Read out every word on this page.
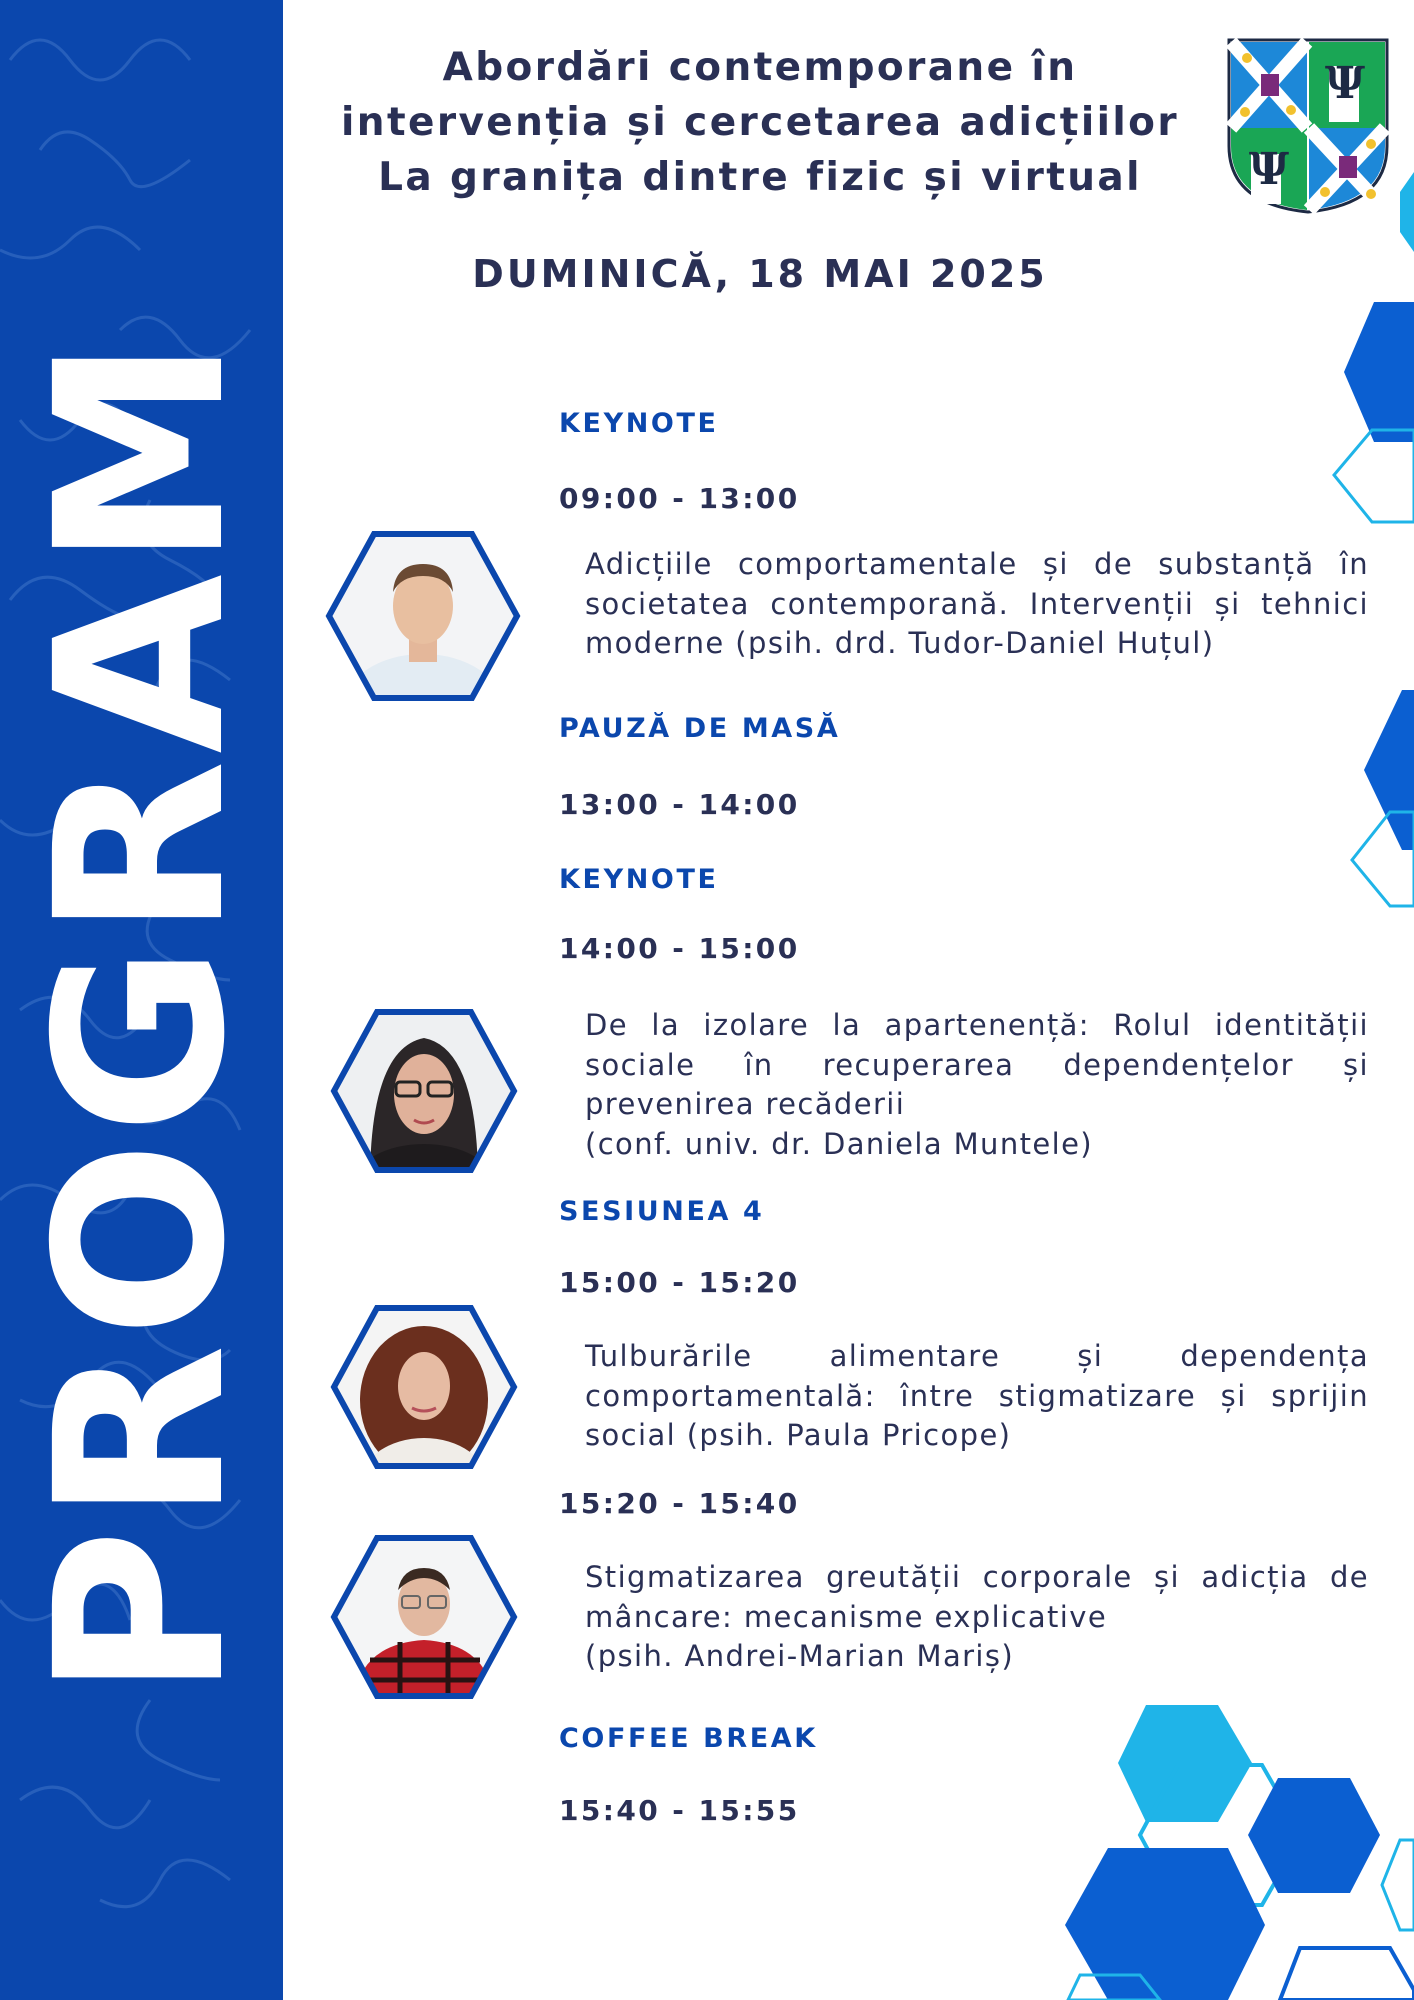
PROGRAM
Abordări contemporane în
intervenția și cercetarea adicțiilor
La granița dintre fizic și virtual
DUMINICĂ, 18 MAI 2025
Ψ
Ψ
KEYNOTE
09:00 - 13:00
Adicțiile comportamentale și de substanță în
societatea contemporană. Intervenții și tehnici
moderne (psih. drd. Tudor-Daniel Huțul)
PAUZĂ DE MASĂ
13:00 - 14:00
KEYNOTE
14:00 - 15:00
De la izolare la apartenență: Rolul identității
sociale în recuperarea dependențelor și
prevenirea recăderii
(conf. univ. dr. Daniela Muntele)
SESIUNEA 4
15:00 - 15:20
Tulburările alimentare și dependența
comportamentală: între stigmatizare și sprijin
social (psih. Paula Pricope)
15:20 - 15:40
Stigmatizarea greutății corporale și adicția de
mâncare: mecanisme explicative
(psih. Andrei-Marian Mariș)
COFFEE BREAK
15:40 - 15:55
